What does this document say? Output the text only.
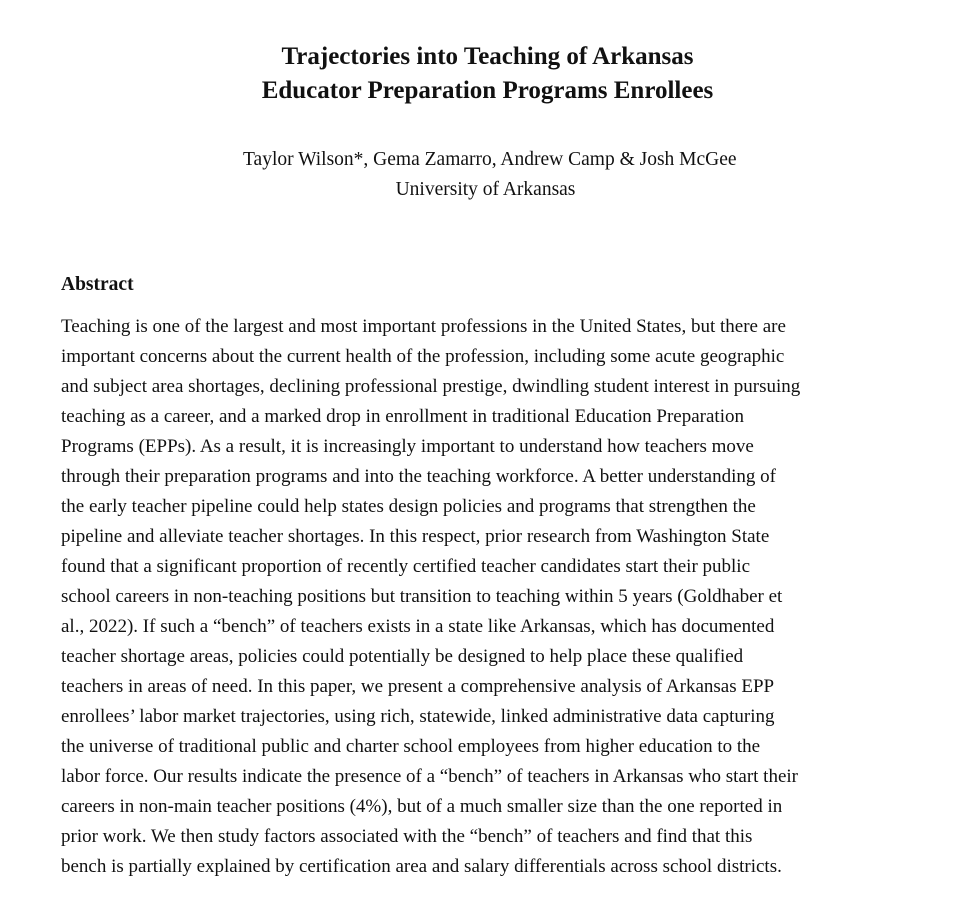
Trajectories into Teaching of Arkansas
Educator Preparation Programs Enrollees

Taylor Wilson*, Gema Zamarro, Andrew Camp & Josh McGee

University of Arkansas

Abstract

Teaching is one of the largest and most important professions in the United States, but there are
important concerns about the current health of the profession, including some acute geographic
and subject area shortages, declining professional prestige, dwindling student interest in pursuing
teaching as a career, and a marked drop in enrollment in traditional Education Preparation
Programs (EPPs). As a result, it is increasingly important to understand how teachers move
through their preparation programs and into the teaching workforce. A better understanding of
the early teacher pipeline could help states design policies and programs that strengthen the
pipeline and alleviate teacher shortages. In this respect, prior research from Washington State
found that a significant proportion of recently certified teacher candidates start their public
school careers in non-teaching positions but transition to teaching within 5 years (Goldhaber et
al., 2022). If such a “bench” of teachers exists in a state like Arkansas, which has documented
teacher shortage areas, policies could potentially be designed to help place these qualified
teachers in areas of need. In this paper, we present a comprehensive analysis of Arkansas EPP
enrollees’ labor market trajectories, using rich, statewide, linked administrative data capturing
the universe of traditional public and charter school employees from higher education to the
labor force. Our results indicate the presence of a “bench” of teachers in Arkansas who start their
careers in non-main teacher positions (4%), but of a much smaller size than the one reported in
prior work. We then study factors associated with the “bench” of teachers and find that this
bench is partially explained by certification area and salary differentials across school districts.
